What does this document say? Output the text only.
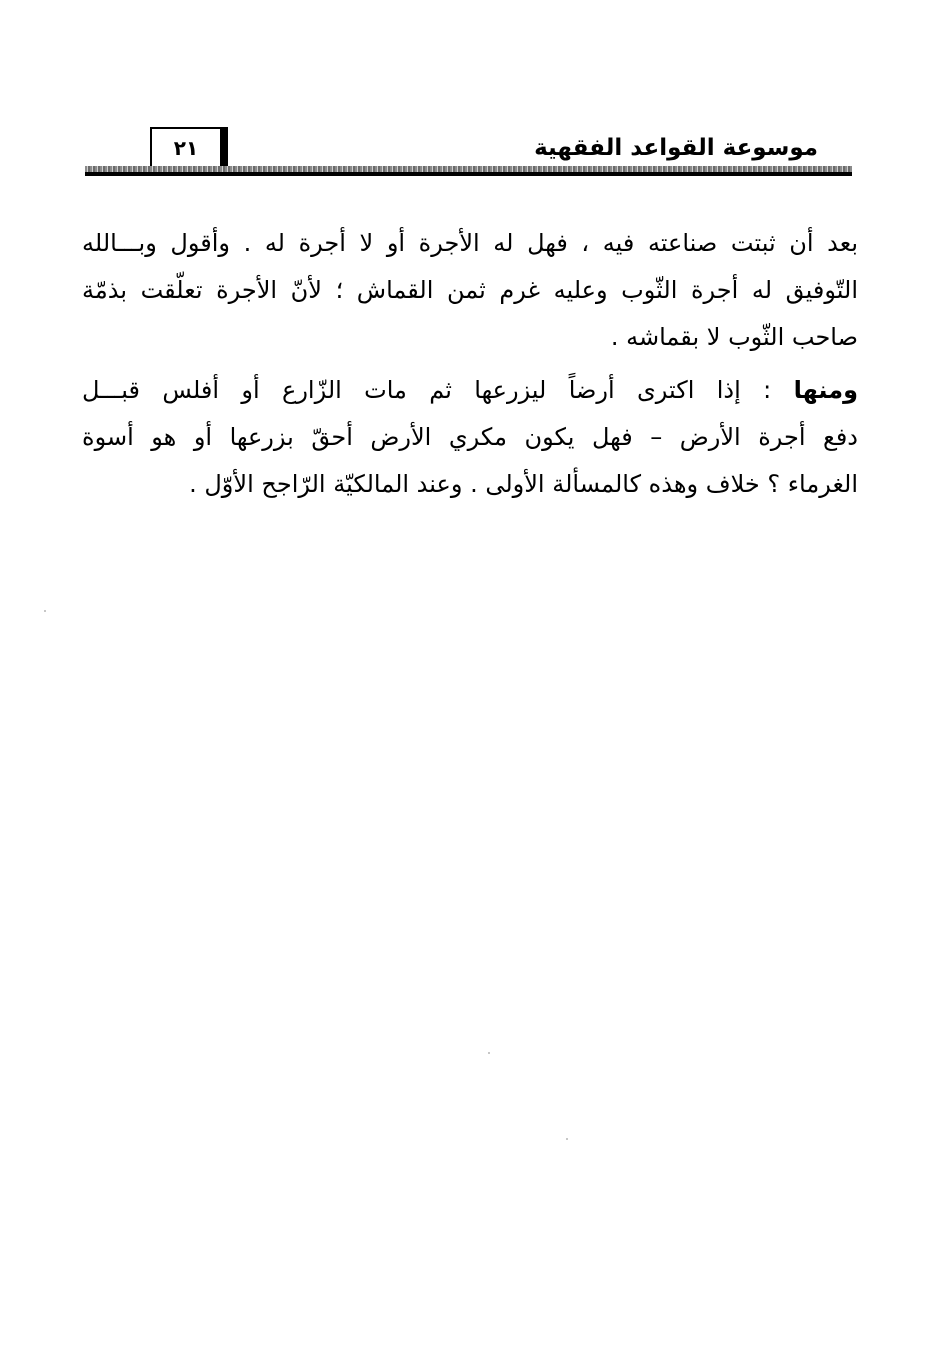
موسوعة القواعد الفقهية
٢١
بعد أن ثبتت صناعته فيه ، فهل له الأجرة أو لا أجرة له . وأقول وبـــالله
التّوفيق له أجرة الثّوب وعليه غرم ثمن القماش ؛ لأنّ الأجرة تعلّقت بذمّة
صاحب الثّوب لا بقماشه .
ومنها : إذا اكترى أرضاً ليزرعها ثم مات الزّارع أو أفلس قبـــل
دفع أجرة الأرض – فهل يكون مكري الأرض أحقّ بزرعها أو هو أسوة
الغرماء ؟ خلاف وهذه كالمسألة الأولى . وعند المالكيّة الرّاجح الأوّل .
